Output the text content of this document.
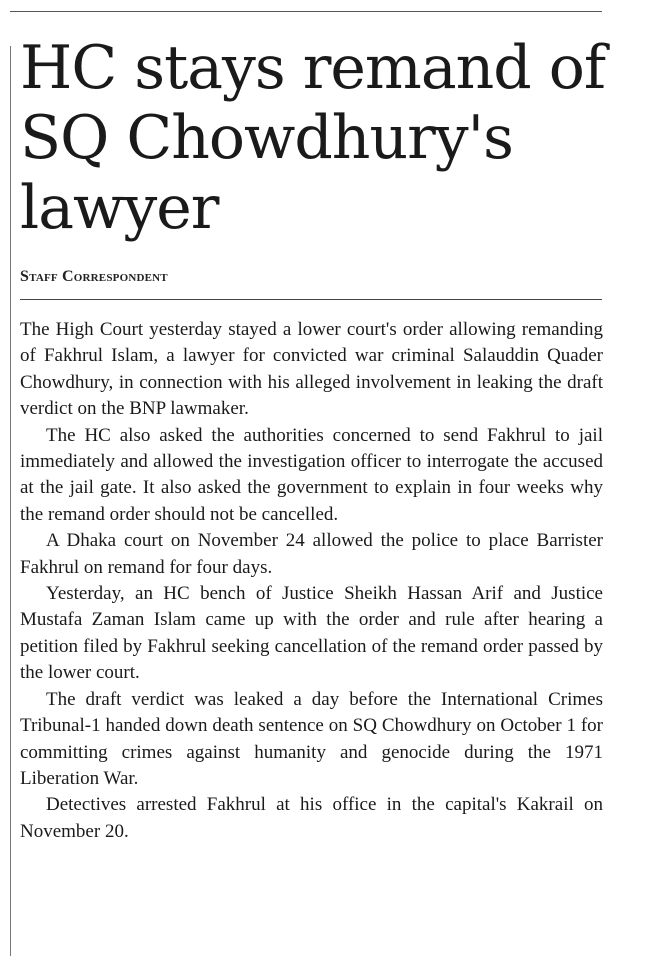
HC stays remand of SQ Chowdhury's lawyer
Staff Correspondent

The High Court yesterday stayed a lower court's order allowing remanding of Fakhrul Islam, a lawyer for convicted war criminal Salauddin Quader Chowdhury, in connection with his alleged involvement in leaking the draft verdict on the BNP lawmaker.

The HC also asked the authorities concerned to send Fakhrul to jail immediately and allowed the investigation officer to interrogate the accused at the jail gate. It also asked the government to explain in four weeks why the remand order should not be cancelled.

A Dhaka court on November 24 allowed the police to place Barrister Fakhrul on remand for four days.

Yesterday, an HC bench of Justice Sheikh Hassan Arif and Justice Mustafa Zaman Islam came up with the order and rule after hearing a petition filed by Fakhrul seeking cancellation of the remand order passed by the lower court.

The draft verdict was leaked a day before the International Crimes Tribunal-1 handed down death sentence on SQ Chowdhury on October 1 for committing crimes against humanity and genocide during the 1971 Liberation War.

Detectives arrested Fakhrul at his office in the capital's Kakrail on November 20.
